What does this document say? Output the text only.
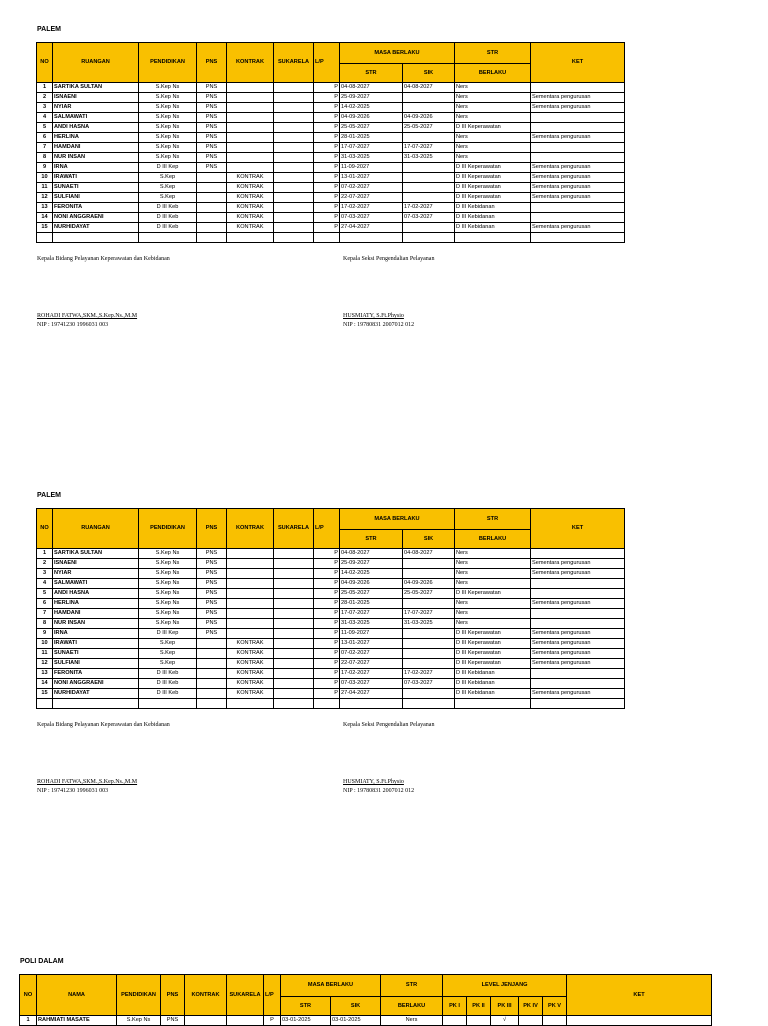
PALEM
NO	RUANGAN	PENDIDIKAN	PNS	KONTRAK	SUKARELA	L/P	MASA BERLAKU		STR	KET
							STR	SIK	BERLAKU	
1	SARTIKA SULTAN	S.Kep Ns	PNS			P	04-08-2027	04-08-2027	Ners	
2	ISNAENI	S.Kep Ns	PNS			P	25-09-2027		Ners	Sementara pengurusan
3	NYIAR	S.Kep Ns	PNS			P	14-02-2025		Ners	Sementara pengurusan
4	SALMAWATI	S.Kep Ns	PNS			P	04-09-2026	04-09-2026	Ners	
5	ANDI HASNA	S.Kep Ns	PNS			P	25-05-2027	25-05-2027	D III Keperawatan	
6	HERLINA	S.Kep Ns	PNS			P	28-01-2025		Ners	Sementara pengurusan
7	HAMDANI	S.Kep Ns	PNS			P	17-07-2027	17-07-2027	Ners	
8	NUR INSAN	S.Kep Ns	PNS			P	31-03-2025	31-03-2025	Ners	
9	IRNA	D III Kep	PNS			P	11-09-2027		D III Keperawatan	Sementara pengurusan
10	IRAWATI	S.Kep		KONTRAK		P	13-01-2027		D III Keperawatan	Sementara pengurusan
11	SUNAETI	S.Kep		KONTRAK		P	07-02-2027		D III Keperawatan	Sementara pengurusan
12	SULFIANI	S.Kep		KONTRAK		P	22-07-2027		D III Keperawatan	Sementara pengurusan
13	FERONITA	D III Keb		KONTRAK		P	17-02-2027	17-02-2027	D III Kebidanan	
14	NONI ANGGRAENI	D III Keb		KONTRAK		P	07-03-2027	07-03-2027	D III Kebidanan	
15	NURHIDAYAT	D III Keb		KONTRAK		P	27-04-2027		D III Kebidanan	Sementara pengurusan

Kepala Bidang Pelayanan Keperawatan dan Kebidanan	Kepala Seksi Pengendalian Pelayanan
ROHADI FATWA,SKM.,S.Kep.Ns.,M.M
NIP : 19741230 1996031 003
HUSMIATY, S.Ft.Physio
NIP : 19780831 2007012 012
PALEM
NO	RUANGAN	PENDIDIKAN	PNS	KONTRAK	SUKARELA	L/P	MASA BERLAKU		STR	KET
							STR	SIK	BERLAKU	
1	SARTIKA SULTAN	S.Kep Ns	PNS			P	04-08-2027	04-08-2027	Ners	
2	ISNAENI	S.Kep Ns	PNS			P	25-09-2027		Ners	Sementara pengurusan
3	NYIAR	S.Kep Ns	PNS			P	14-02-2025		Ners	Sementara pengurusan
4	SALMAWATI	S.Kep Ns	PNS			P	04-09-2026	04-09-2026	Ners	
5	ANDI HASNA	S.Kep Ns	PNS			P	25-05-2027	25-05-2027	D III Keperawatan	
6	HERLINA	S.Kep Ns	PNS			P	28-01-2025		Ners	Sementara pengurusan
7	HAMDANI	S.Kep Ns	PNS			P	17-07-2027	17-07-2027	Ners	
8	NUR INSAN	S.Kep Ns	PNS			P	31-03-2025	31-03-2025	Ners	
9	IRNA	D III Kep	PNS			P	11-09-2027		D III Keperawatan	Sementara pengurusan
10	IRAWATI	S.Kep		KONTRAK		P	13-01-2027		D III Keperawatan	Sementara pengurusan
11	SUNAETI	S.Kep		KONTRAK		P	07-02-2027		D III Keperawatan	Sementara pengurusan
12	SULFIANI	S.Kep		KONTRAK		P	22-07-2027		D III Keperawatan	Sementara pengurusan
13	FERONITA	D III Keb		KONTRAK		P	17-02-2027	17-02-2027	D III Kebidanan	
14	NONI ANGGRAENI	D III Keb		KONTRAK		P	07-03-2027	07-03-2027	D III Kebidanan	
15	NURHIDAYAT	D III Keb		KONTRAK		P	27-04-2027		D III Kebidanan	Sementara pengurusan

Kepala Bidang Pelayanan Keperawatan dan Kebidanan	Kepala Seksi Pengendalian Pelayanan
ROHADI FATWA,SKM.,S.Kep.Ns.,M.M
NIP : 19741230 1996031 003
HUSMIATY, S.Ft.Physio
NIP : 19780831 2007012 012
POLI DALAM
NO	NAMA	PENDIDIKAN	PNS	KONTRAK	SUKARELA	L/P	MASA BERLAKU		STR	LEVEL JENJANG					KET
							STR	SIK	BERLAKU	PK I	PK II	PK III	PK IV	PK V	
1	RAHMIATI MASATE	S.Kep Ns	PNS			P	03-01-2025	03-01-2025	Ners			√			
